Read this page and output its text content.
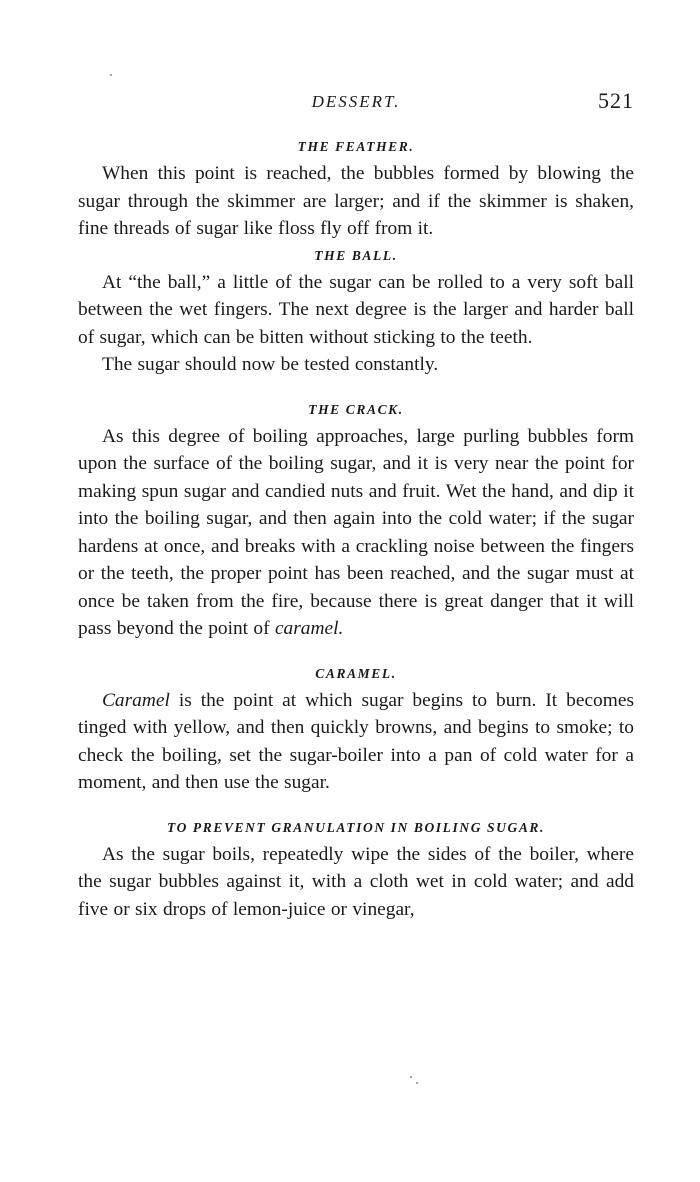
DESSERT.	521
THE FEATHER.

When this point is reached, the bubbles formed by blowing the sugar through the skimmer are larger; and if the skimmer is shaken, fine threads of sugar like floss fly off from it.

THE BALL.

At “the ball,” a little of the sugar can be rolled to a very soft ball between the wet fingers. The next degree is the larger and harder ball of sugar, which can be bitten without sticking to the teeth.

The sugar should now be tested constantly.

THE CRACK.

As this degree of boiling approaches, large purling bubbles form upon the surface of the boiling sugar, and it is very near the point for making spun sugar and candied nuts and fruit. Wet the hand, and dip it into the boiling sugar, and then again into the cold water; if the sugar hardens at once, and breaks with a crackling noise between the fingers or the teeth, the proper point has been reached, and the sugar must at once be taken from the fire, because there is great danger that it will pass beyond the point of caramel.

CARAMEL.

Caramel is the point at which sugar begins to burn. It becomes tinged with yellow, and then quickly browns, and begins to smoke; to check the boiling, set the sugar-boiler into a pan of cold water for a moment, and then use the sugar.

TO PREVENT GRANULATION IN BOILING SUGAR.

As the sugar boils, repeatedly wipe the sides of the boiler, where the sugar bubbles against it, with a cloth wet in cold water; and add five or six drops of lemon-juice or vinegar,
